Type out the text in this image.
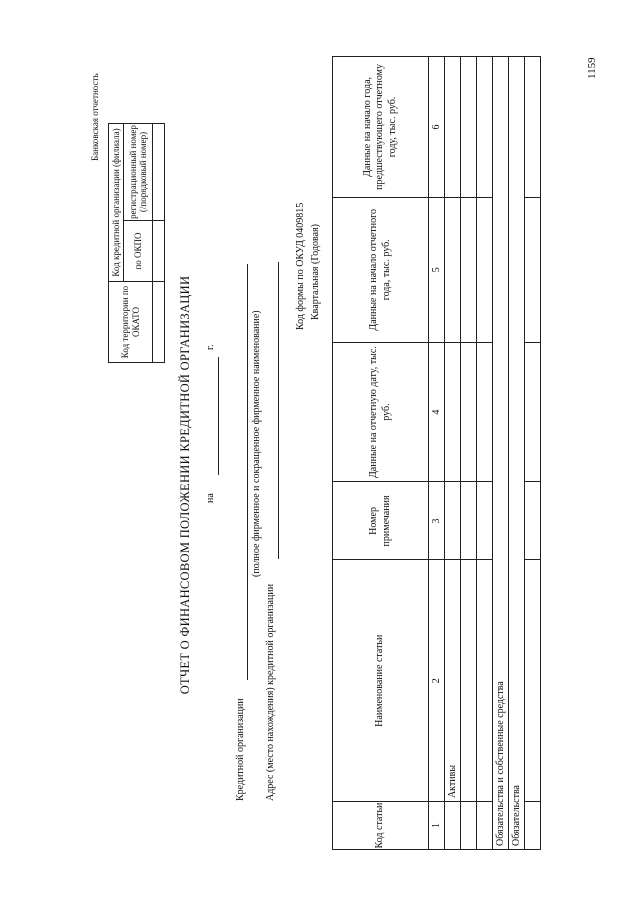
Банковская отчетность
Код территории по ОКАТО	Код кредитной организации (филиала)	
	по ОКПО	регистрационный номер (/порядковый номер)

ОТЧЕТ О ФИНАНСОВОМ ПОЛОЖЕНИИ КРЕДИТНОЙ ОРГАНИЗАЦИИ на
г.
Кредитной организации
(полное фирменное и сокращенное фирменное наименование)
Адрес (место нахождения) кредитной организации
Код формы по ОКУД 0409815 Квартальная (Годовая)
Код статьи	Наименование статьи	Номер примечания	Данные на отчетную дату, тыс. руб.	Данные на начало отчетного года, тыс. руб.	Данные на начало года, предшествующего отчетному году, тыс. руб.
1	2	3	4	5	6
	Активы				

Обязательства и собственные средства					
Обязательства					

1159
